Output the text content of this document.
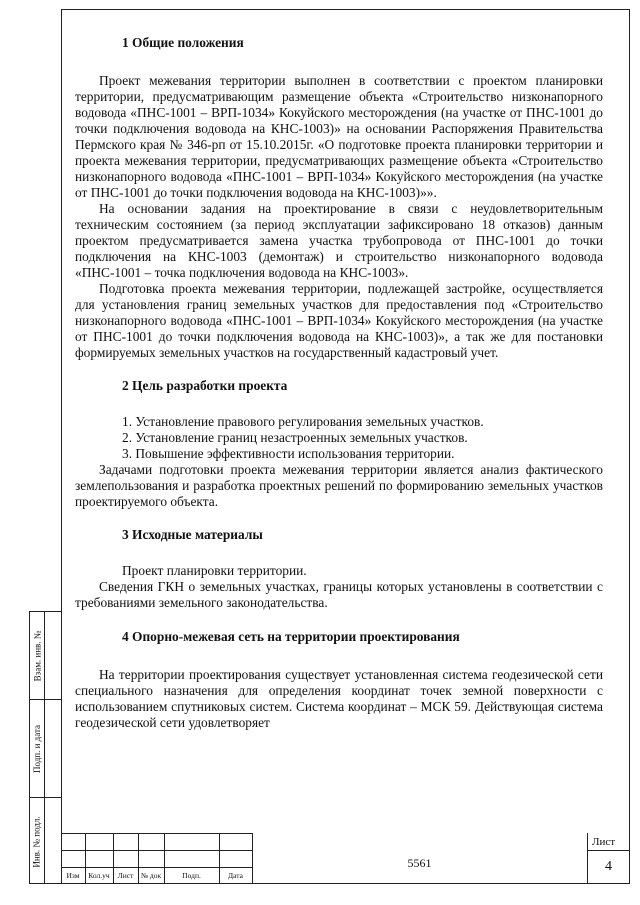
Взам. инв. №
Подп. и дата
Инв. № подл.
1 Общие положения

Проект межевания территории выполнен в соответствии с проектом планировки территории, предусматривающим размещение объекта «Строительство низконапорного водовода «ПНС-1001 – ВРП-1034» Кокуйского месторождения (на участке от ПНС-1001 до точки подключения водовода на КНС-1003)» на основании Распоряжения Правительства Пермского края № 346-рп от 15.10.2015г. «О подготовке проекта планировки территории и проекта межевания территории, предусматривающих размещение объекта «Строительство низконапорного водовода «ПНС-1001 – ВРП-1034» Кокуйского месторождения (на участке от ПНС-1001 до точки подключения водовода на КНС-1003)»».

На основании задания на проектирование в связи с неудовлетворительным техническим состоянием (за период эксплуатации зафиксировано 18 отказов) данным проектом предусматривается замена участка трубопровода от ПНС-1001 до точки подключения на КНС-1003 (демонтаж) и строительство низконапорного водовода «ПНС-1001 – точка подключения водовода на КНС-1003».

Подготовка проекта межевания территории, подлежащей застройке, осуществляется для установления границ земельных участков для предоставления под «Строительство низконапорного водовода «ПНС-1001 – ВРП-1034» Кокуйского месторождения (на участке от ПНС-1001 до точки подключения водовода на КНС-1003)», а так же для постановки формируемых земельных участков на государственный кадастровый учет.

2 Цель разработки проекта
1. Установление правового регулирования земельных участков.
2. Установление границ незастроенных земельных участков.
3. Повышение эффективности использования территории.

Задачами подготовки проекта межевания территории является анализ фактического землепользования и разработка проектных решений по формированию земельных участков проектируемого объекта.

3 Исходные материалы

Проект планировки территории.

Сведения ГКН о земельных участках, границы которых установлены в соответствии с требованиями земельного законодательства.

4 Опорно-межевая сеть на территории проектирования

На территории проектирования существует установленная система геодезической сети специального назначения для определения координат точек земной поверхности с использованием спутниковых систем. Система координат – МСК 59. Действующая система геодезической сети удовлетворяет

Изм	Кол.уч	Лист	№ док	Подп.	Дата
5561
Лист
4
